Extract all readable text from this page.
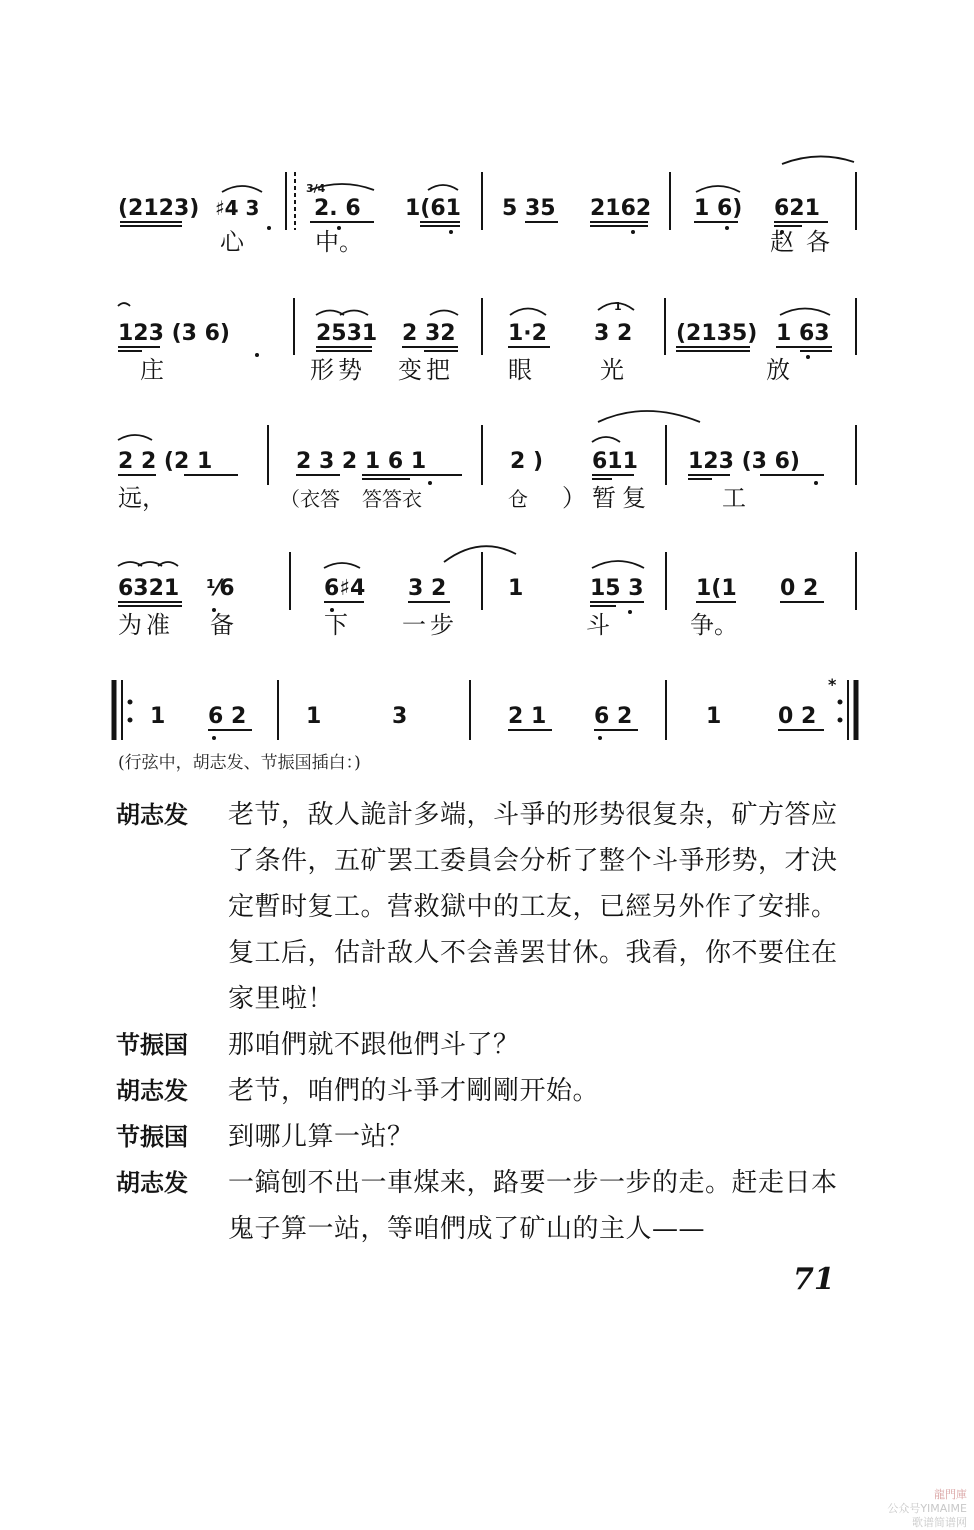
(2123) ♯4 3
3/4
2. 6 1(61 5 35 2162 1 6) 621
心	中。	赵各
123 (3 6)	2531 2 32 1·2 3 2
1
(2135) 1 63
庄	形势 变把 眼	光	放
2 2 (2 1	2 3 2 1 6 1	2 ) 611 123 (3 6)
远，	（衣答 答答衣	仓 ）暂复	工
6321 ¹⁄6	6♯4 3 2	1	15 3 1(1 0 2
为准 备	下 一步	斗	争。
1 6 2	1	3	2 1 6 2	1	0 2
*
(行弦中，胡志发、节振国插白：)
胡志发	老节，敌人詭計多端，斗爭的形势很复杂，矿方答应了条件，五矿罢工委員会分析了整个斗爭形势，才決定暫时复工。营救獄中的工友，已經另外作了安排。复工后，估計敌人不会善罢甘休。我看，你不要住在家里啦！
节振国	那咱們就不跟他們斗了？
胡志发	老节，咱們的斗爭才剛剛开始。
节振国	到哪儿算一站？
胡志发	一鎬刨不出一車煤来，路要一步一步的走。赶走日本鬼子算一站，等咱們成了矿山的主人——
71
龍門庫
公众号YIMAIME
歌谱简谱网
